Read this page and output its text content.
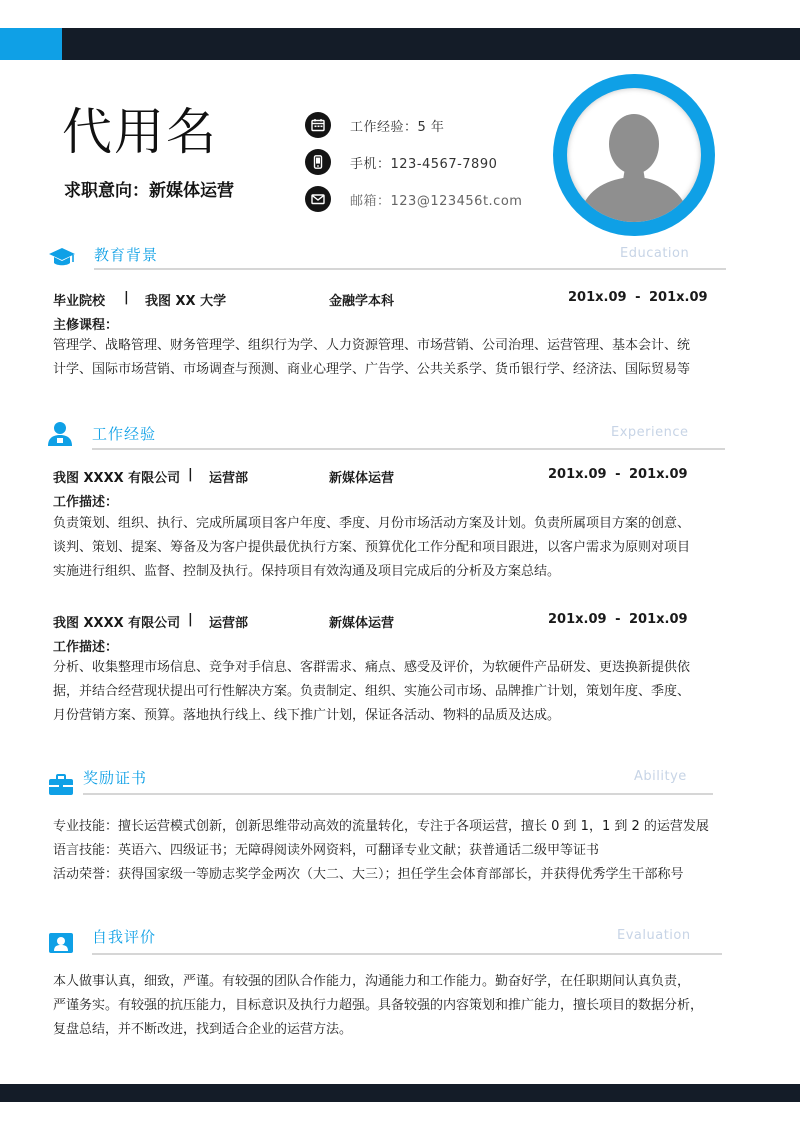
代用名
求职意向：新媒体运营
工作经验：5 年
手机：123-4567-7890
邮箱：123@123456t.com
教育背景	Education
毕业院校 | 我图 XX 大学	金融学本科	201x.09 - 201x.09
主修课程：
管理学、战略管理、财务管理学、组织行为学、人力资源管理、市场营销、公司治理、运营管理、基本会计、统
计学、国际市场营销、市场调查与预测、商业心理学、广告学、公共关系学、货币银行学、经济法、国际贸易等
工作经验	Experience
我图 XXXX 有限公司 | 运营部	新媒体运营	201x.09 - 201x.09
工作描述：
负责策划、组织、执行、完成所属项目客户年度、季度、月份市场活动方案及计划。负责所属项目方案的创意、
谈判、策划、提案、筹备及为客户提供最优执行方案、预算优化工作分配和项目跟进，以客户需求为原则对项目
实施进行组织、监督、控制及执行。保持项目有效沟通及项目完成后的分析及方案总结。
我图 XXXX 有限公司 | 运营部	新媒体运营	201x.09 - 201x.09
工作描述：
分析、收集整理市场信息、竞争对手信息、客群需求、痛点、感受及评价，为软硬件产品研发、更迭换新提供依
据，并结合经营现状提出可行性解决方案。负责制定、组织、实施公司市场、品牌推广计划，策划年度、季度、
月份营销方案、预算。落地执行线上、线下推广计划，保证各活动、物料的品质及达成。
奖励证书	Abilitye
专业技能：擅长运营模式创新，创新思维带动高效的流量转化，专注于各项运营，擅长 0 到 1，1 到 2 的运营发展
语言技能：英语六、四级证书；无障碍阅读外网资料，可翻译专业文献；获普通话二级甲等证书
活动荣誉：获得国家级一等励志奖学金两次（大二、大三）；担任学生会体育部部长，并获得优秀学生干部称号
自我评价	Evaluation
本人做事认真，细致，严谨。有较强的团队合作能力，沟通能力和工作能力。勤奋好学，在任职期间认真负责，
严谨务实。有较强的抗压能力，目标意识及执行力超强。具备较强的内容策划和推广能力，擅长项目的数据分析，
复盘总结，并不断改进，找到适合企业的运营方法。
